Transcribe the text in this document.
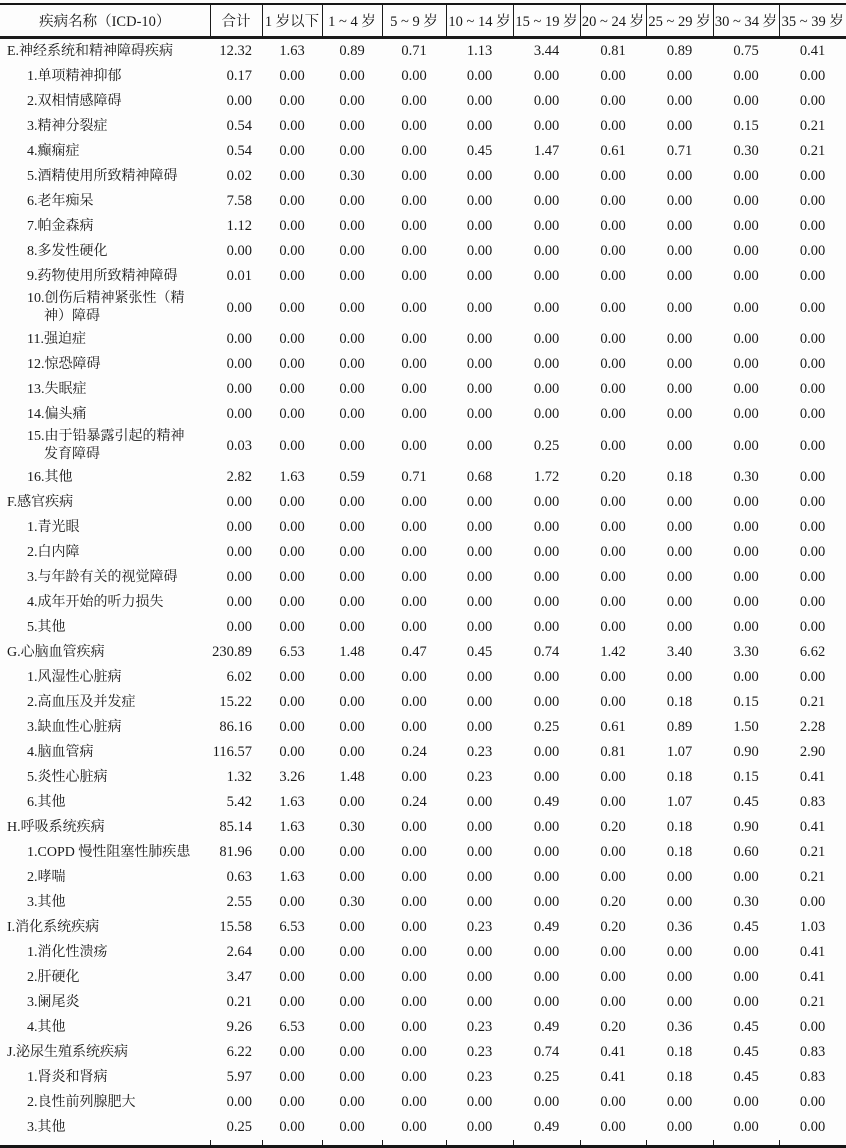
疾病名称（ICD-10）	合计	1 岁以下	1 ~ 4 岁	5 ~ 9 岁	10 ~ 14 岁	15 ~ 19 岁	20 ~ 24 岁	25 ~ 29 岁	30 ~ 34 岁	35 ~ 39 岁

E.神经系统和精神障碍疾病	12.32	1.63	0.89	0.71	1.13	3.44	0.81	0.89	0.75	0.41

1.单项精神抑郁	0.17	0.00	0.00	0.00	0.00	0.00	0.00	0.00	0.00	0.00

2.双相情感障碍	0.00	0.00	0.00	0.00	0.00	0.00	0.00	0.00	0.00	0.00

3.精神分裂症	0.54	0.00	0.00	0.00	0.00	0.00	0.00	0.00	0.15	0.21

4.癫痫症	0.54	0.00	0.00	0.00	0.45	1.47	0.61	0.71	0.30	0.21

5.酒精使用所致精神障碍	0.02	0.00	0.30	0.00	0.00	0.00	0.00	0.00	0.00	0.00

6.老年痴呆	7.58	0.00	0.00	0.00	0.00	0.00	0.00	0.00	0.00	0.00

7.帕金森病	1.12	0.00	0.00	0.00	0.00	0.00	0.00	0.00	0.00	0.00

8.多发性硬化	0.00	0.00	0.00	0.00	0.00	0.00	0.00	0.00	0.00	0.00

9.药物使用所致精神障碍	0.01	0.00	0.00	0.00	0.00	0.00	0.00	0.00	0.00	0.00

10.创伤后精神紧张性（精
神）障碍	0.00	0.00	0.00	0.00	0.00	0.00	0.00	0.00	0.00	0.00

11.强迫症	0.00	0.00	0.00	0.00	0.00	0.00	0.00	0.00	0.00	0.00

12.惊恐障碍	0.00	0.00	0.00	0.00	0.00	0.00	0.00	0.00	0.00	0.00

13.失眠症	0.00	0.00	0.00	0.00	0.00	0.00	0.00	0.00	0.00	0.00

14.偏头痛	0.00	0.00	0.00	0.00	0.00	0.00	0.00	0.00	0.00	0.00

15.由于铅暴露引起的精神
发育障碍	0.03	0.00	0.00	0.00	0.00	0.25	0.00	0.00	0.00	0.00

16.其他	2.82	1.63	0.59	0.71	0.68	1.72	0.20	0.18	0.30	0.00

F.感官疾病	0.00	0.00	0.00	0.00	0.00	0.00	0.00	0.00	0.00	0.00

1.青光眼	0.00	0.00	0.00	0.00	0.00	0.00	0.00	0.00	0.00	0.00

2.白内障	0.00	0.00	0.00	0.00	0.00	0.00	0.00	0.00	0.00	0.00

3.与年龄有关的视觉障碍	0.00	0.00	0.00	0.00	0.00	0.00	0.00	0.00	0.00	0.00

4.成年开始的听力损失	0.00	0.00	0.00	0.00	0.00	0.00	0.00	0.00	0.00	0.00

5.其他	0.00	0.00	0.00	0.00	0.00	0.00	0.00	0.00	0.00	0.00

G.心脑血管疾病	230.89	6.53	1.48	0.47	0.45	0.74	1.42	3.40	3.30	6.62

1.风湿性心脏病	6.02	0.00	0.00	0.00	0.00	0.00	0.00	0.00	0.00	0.00

2.高血压及并发症	15.22	0.00	0.00	0.00	0.00	0.00	0.00	0.18	0.15	0.21

3.缺血性心脏病	86.16	0.00	0.00	0.00	0.00	0.25	0.61	0.89	1.50	2.28

4.脑血管病	116.57	0.00	0.00	0.24	0.23	0.00	0.81	1.07	0.90	2.90

5.炎性心脏病	1.32	3.26	1.48	0.00	0.23	0.00	0.00	0.18	0.15	0.41

6.其他	5.42	1.63	0.00	0.24	0.00	0.49	0.00	1.07	0.45	0.83

H.呼吸系统疾病	85.14	1.63	0.30	0.00	0.00	0.00	0.20	0.18	0.90	0.41

1.COPD 慢性阻塞性肺疾患	81.96	0.00	0.00	0.00	0.00	0.00	0.00	0.18	0.60	0.21

2.哮喘	0.63	1.63	0.00	0.00	0.00	0.00	0.00	0.00	0.00	0.21

3.其他	2.55	0.00	0.30	0.00	0.00	0.00	0.20	0.00	0.30	0.00

I.消化系统疾病	15.58	6.53	0.00	0.00	0.23	0.49	0.20	0.36	0.45	1.03

1.消化性溃疡	2.64	0.00	0.00	0.00	0.00	0.00	0.00	0.00	0.00	0.41

2.肝硬化	3.47	0.00	0.00	0.00	0.00	0.00	0.00	0.00	0.00	0.41

3.阑尾炎	0.21	0.00	0.00	0.00	0.00	0.00	0.00	0.00	0.00	0.21

4.其他	9.26	6.53	0.00	0.00	0.23	0.49	0.20	0.36	0.45	0.00

J.泌尿生殖系统疾病	6.22	0.00	0.00	0.00	0.23	0.74	0.41	0.18	0.45	0.83

1.肾炎和肾病	5.97	0.00	0.00	0.00	0.23	0.25	0.41	0.18	0.45	0.83

2.良性前列腺肥大	0.00	0.00	0.00	0.00	0.00	0.00	0.00	0.00	0.00	0.00

3.其他	0.25	0.00	0.00	0.00	0.00	0.49	0.00	0.00	0.00	0.00
